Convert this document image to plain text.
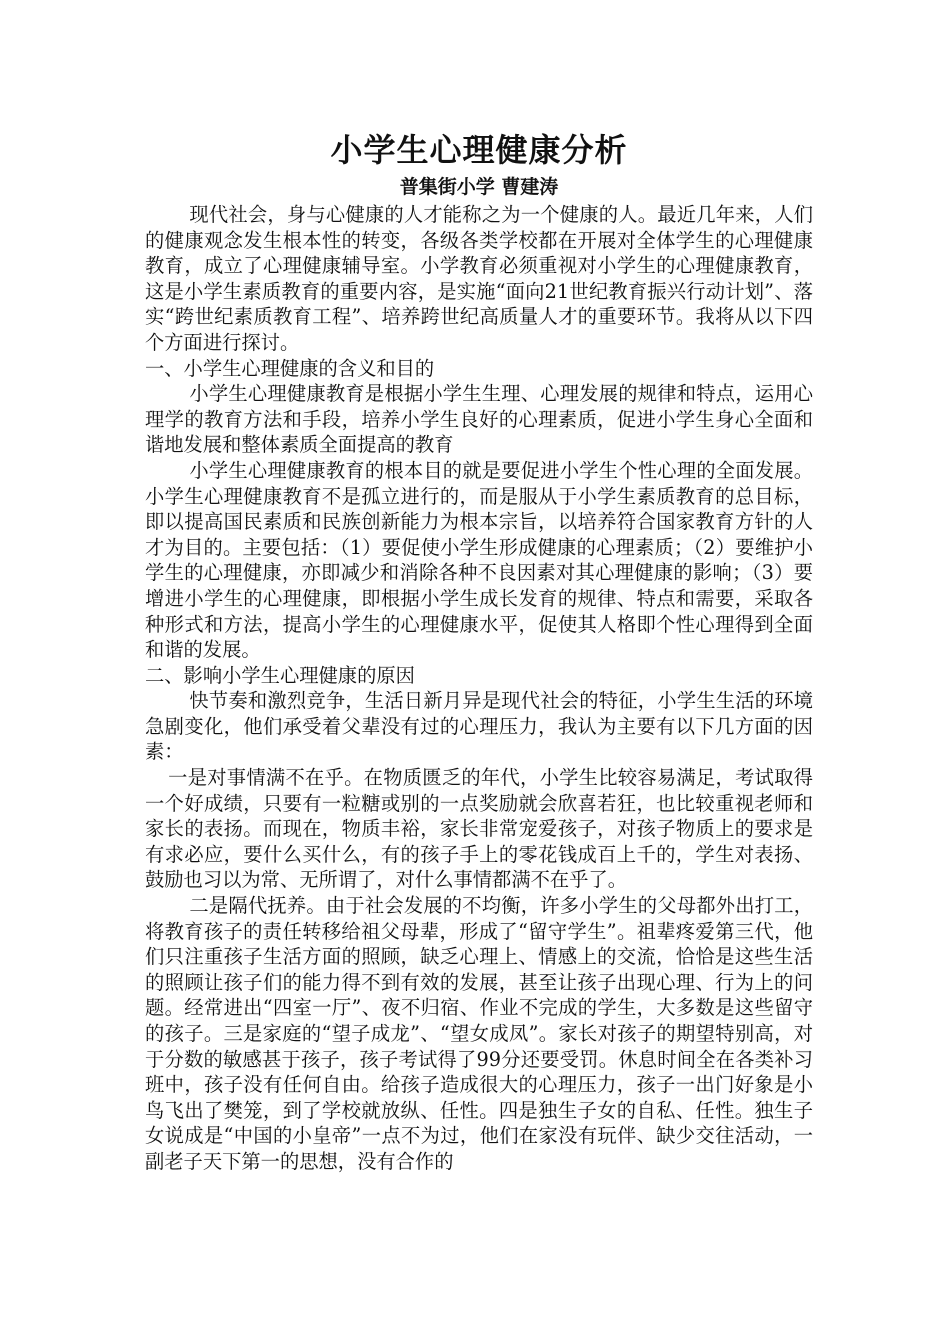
小学生心理健康分析
普集街小学 曹建涛

现代社会，身与心健康的人才能称之为一个健康的人。最近几年来，人们的健康观念发生根本性的转变，各级各类学校都在开展对全体学生的心理健康教育，成立了心理健康辅导室。小学教育必须重视对小学生的心理健康教育，这是小学生素质教育的重要内容，是实施“面向21世纪教育振兴行动计划”、落实“跨世纪素质教育工程”、培养跨世纪高质量人才的重要环节。我将从以下四个方面进行探讨。

一、小学生心理健康的含义和目的

小学生心理健康教育是根据小学生生理、心理发展的规律和特点，运用心理学的教育方法和手段，培养小学生良好的心理素质，促进小学生身心全面和谐地发展和整体素质全面提高的教育

小学生心理健康教育的根本目的就是要促进小学生个性心理的全面发展。小学生心理健康教育不是孤立进行的，而是服从于小学生素质教育的总目标，即以提高国民素质和民族创新能力为根本宗旨，以培养符合国家教育方针的人才为目的。主要包括：（1）要促使小学生形成健康的心理素质；（2）要维护小学生的心理健康，亦即减少和消除各种不良因素对其心理健康的影响；（3）要增进小学生的心理健康，即根据小学生成长发育的规律、特点和需要，采取各种形式和方法，提高小学生的心理健康水平，促使其人格即个性心理得到全面和谐的发展。

二、影响小学生心理健康的原因

快节奏和激烈竞争，生活日新月异是现代社会的特征，小学生生活的环境急剧变化，他们承受着父辈没有过的心理压力，我认为主要有以下几方面的因素：

一是对事情满不在乎。在物质匮乏的年代，小学生比较容易满足，考试取得一个好成绩，只要有一粒糖或别的一点奖励就会欣喜若狂，也比较重视老师和家长的表扬。而现在，物质丰裕，家长非常宠爱孩子，对孩子物质上的要求是有求必应，要什么买什么，有的孩子手上的零花钱成百上千的，学生对表扬、鼓励也习以为常、无所谓了，对什么事情都满不在乎了。

二是隔代抚养。由于社会发展的不均衡，许多小学生的父母都外出打工，将教育孩子的责任转移给祖父母辈，形成了“留守学生”。祖辈疼爱第三代，他们只注重孩子生活方面的照顾，缺乏心理上、情感上的交流，恰恰是这些生活的照顾让孩子们的能力得不到有效的发展，甚至让孩子出现心理、行为上的问题。经常进出“四室一厅”、夜不归宿、作业不完成的学生，大多数是这些留守的孩子。三是家庭的“望子成龙”、“望女成凤”。家长对孩子的期望特别高，对于分数的敏感甚于孩子，孩子考试得了99分还要受罚。休息时间全在各类补习班中，孩子没有任何自由。给孩子造成很大的心理压力，孩子一出门好象是小鸟飞出了樊笼，到了学校就放纵、任性。四是独生子女的自私、任性。独生子女说成是“中国的小皇帝”一点不为过，他们在家没有玩伴、缺少交往活动，一副老子天下第一的思想，没有合作的
